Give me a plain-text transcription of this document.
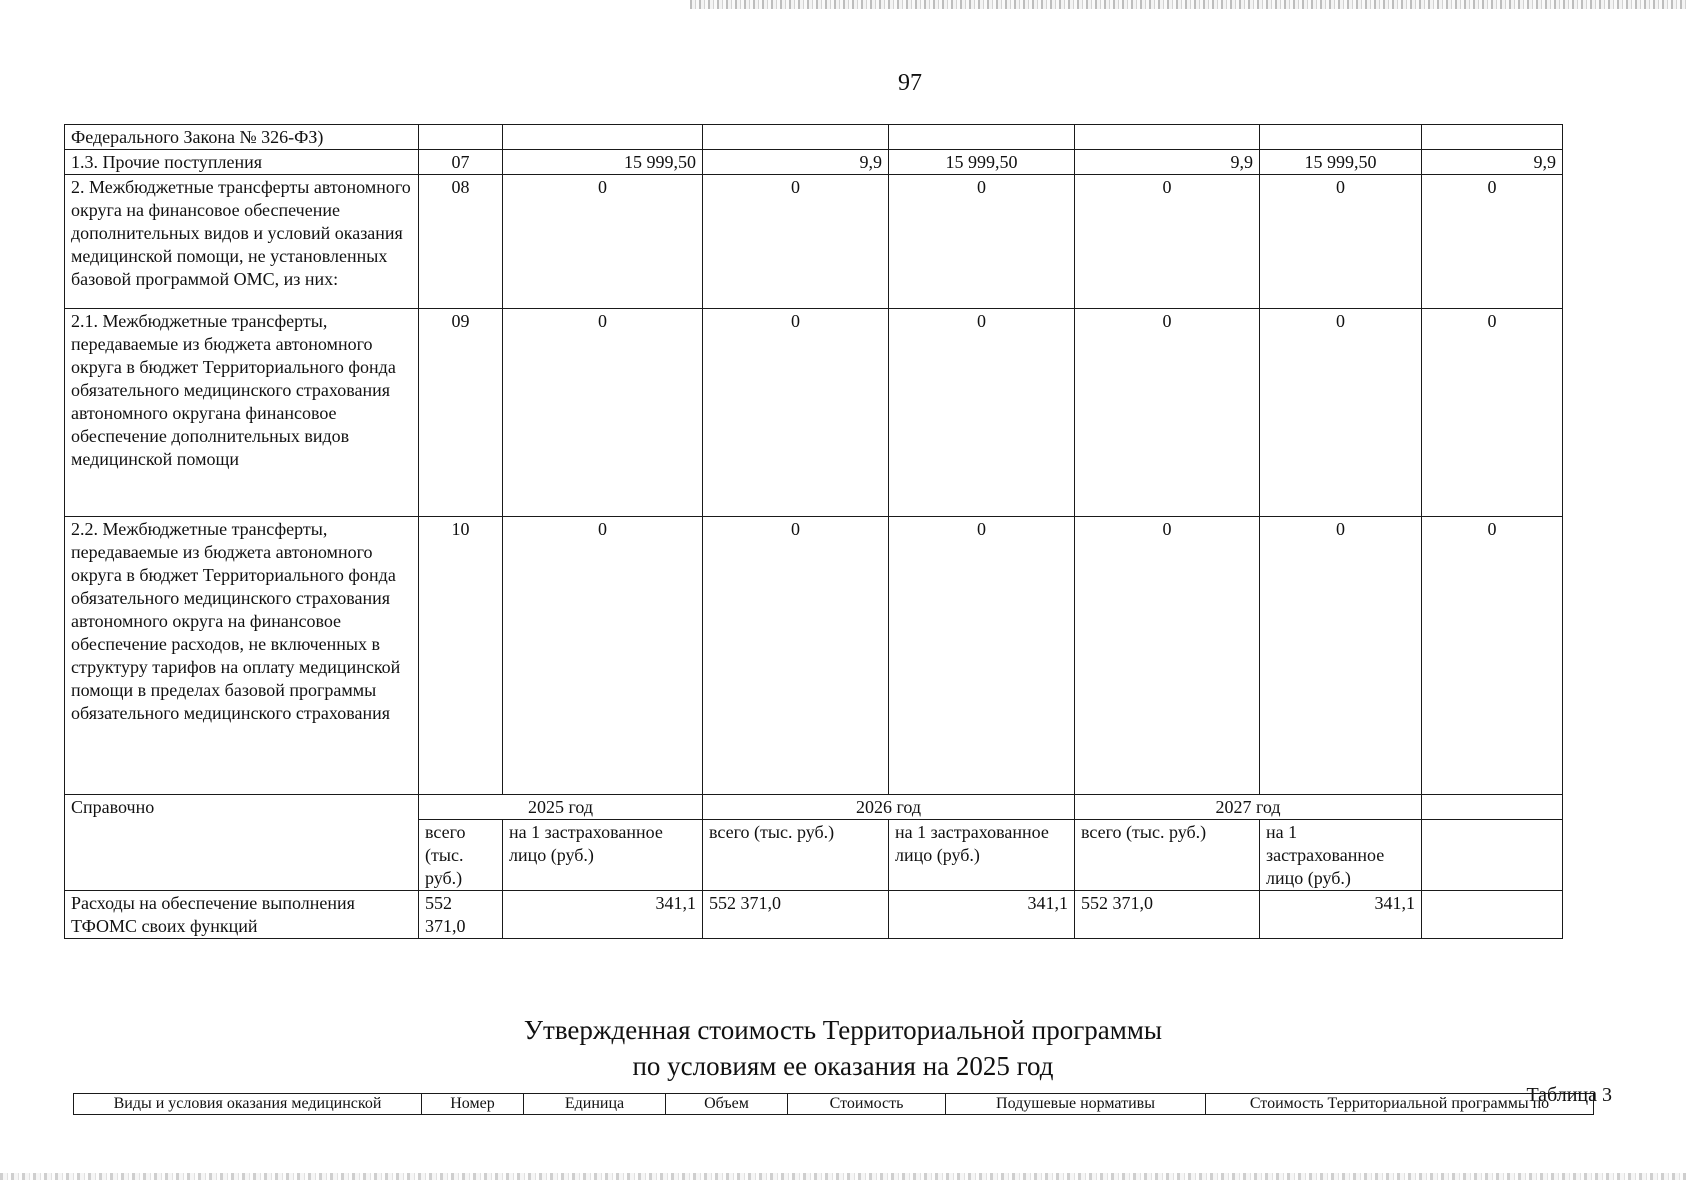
97
Федерального Закона № 326-ФЗ)							
1.3. Прочие поступления	07	15 999,50	9,9	15 999,50	9,9	15 999,50	9,9
2. Межбюджетные трансферты автономного округа на финансовое обеспечение дополнительных видов и условий оказания медицинской помощи, не установленных базовой программой ОМС, из них:	08	0	0	0	0	0	0
2.1. Межбюджетные трансферты, передаваемые из бюджета автономного округа в бюджет Территориального фонда обязательного медицинского страхования автономного округана финансовое обеспечение дополнительных видов медицинской помощи	09	0	0	0	0	0	0
2.2. Межбюджетные трансферты, передаваемые из бюджета автономного округа в бюджет Территориального фонда обязательного медицинского страхования автономного округа на финансовое обеспечение расходов, не включенных в структуру тарифов на оплату медицинской помощи в пределах базовой программы обязательного медицинского страхования	10	0	0	0	0	0	0
Справочно	2025 год		2026 год		2027 год		
	всего (тыс. руб.)	на 1 застрахованное лицо (руб.)	всего (тыс. руб.)	на 1 застрахованное лицо (руб.)	всего (тыс. руб.)	на 1 застрахованное лицо (руб.)	
Расходы на обеспечение выполнения ТФОМС своих функций	552 371,0	341,1	552 371,0	341,1	552 371,0	341,1	
Утвержденная стоимость Территориальной программы
по условиям ее оказания на 2025 год
Таблица 3
Виды и условия оказания медицинской	Номер	Единица	Объем	Стоимость	Подушевые нормативы	Стоимость Территориальной программы по
